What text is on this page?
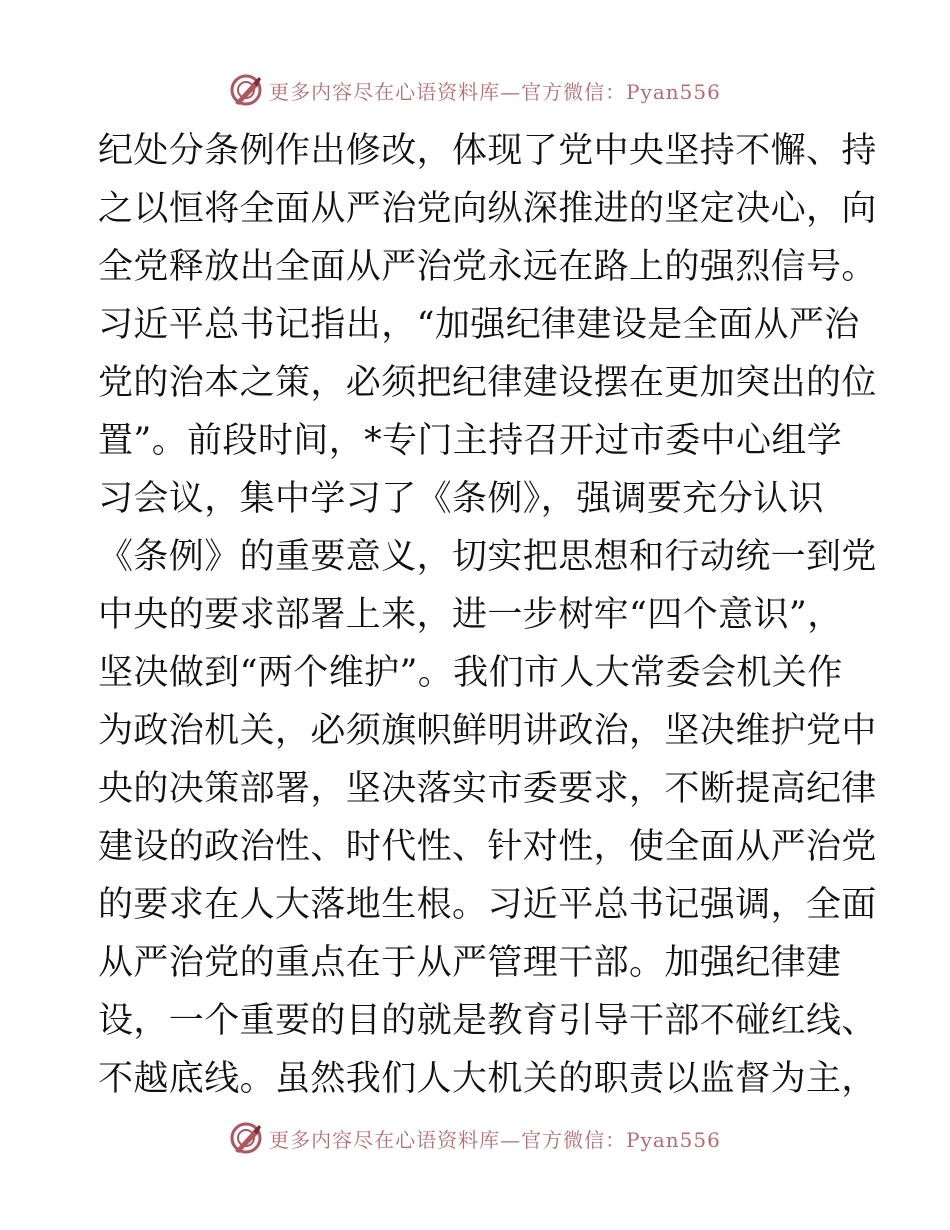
更多内容尽在心语资料库—官方微信：Pyan556
纪处分条例作出修改，体现了党中央坚持不懈、持
之以恒将全面从严治党向纵深推进的坚定决心，向
全党释放出全面从严治党永远在路上的强烈信号。
习近平总书记指出，“加强纪律建设是全面从严治
党的治本之策，必须把纪律建设摆在更加突出的位
置”。前段时间，*专门主持召开过市委中心组学
习会议，集中学习了《条例》，强调要充分认识
《条例》的重要意义，切实把思想和行动统一到党
中央的要求部署上来，进一步树牢“四个意识”，
坚决做到“两个维护”。我们市人大常委会机关作
为政治机关，必须旗帜鲜明讲政治，坚决维护党中
央的决策部署，坚决落实市委要求，不断提高纪律
建设的政治性、时代性、针对性，使全面从严治党
的要求在人大落地生根。习近平总书记强调，全面
从严治党的重点在于从严管理干部。加强纪律建
设，一个重要的目的就是教育引导干部不碰红线、
不越底线。虽然我们人大机关的职责以监督为主，
更多内容尽在心语资料库—官方微信：Pyan556
